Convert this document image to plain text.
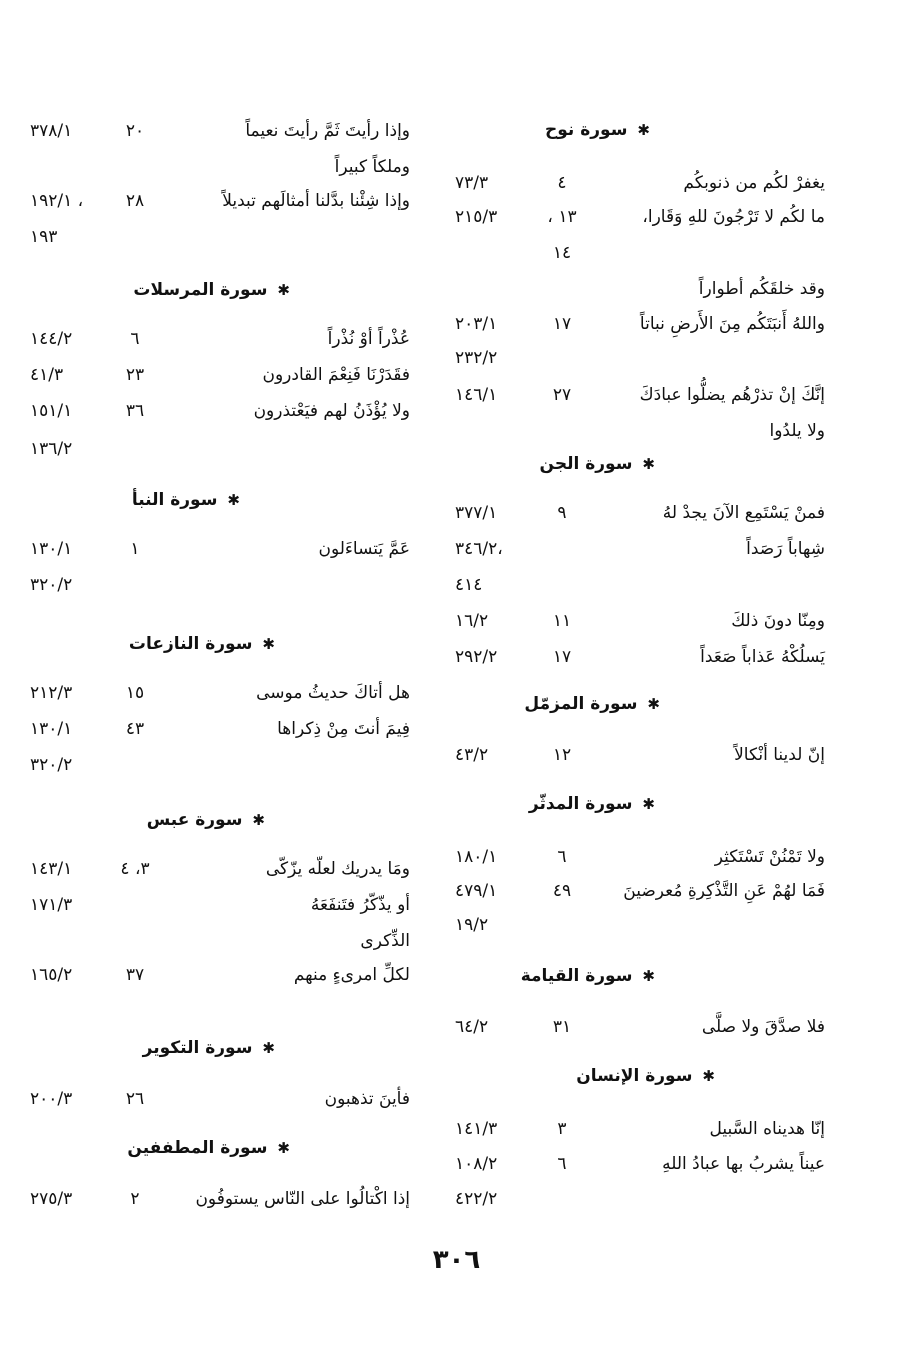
✱سورة نوح
يغفرْ لكُم من ذنوبكُم
٤
٧٣/٣
ما لكُم لا تَرْجُونَ للهِ وَقَارا،
١٣ ،
٢١٥/٣
١٤
وقد خلقَكُم أطواراً
واللهُ أَنبَتَكُم مِنَ الأَرضِ نباتاً
١٧
٢٠٣/١
٢٣٢/٢
إنَّكَ إنْ تذرْهُم يضلُّوا عبادَكَ
٢٧
١٤٦/١
ولا يلدُوا
✱سورة الجن
فمنْ يَسْتَمِع الآنَ يجدْ لهُ
٩
٣٧٧/١
شِهاباً رَصَداً
٣٤٦/٢،
٤١٤
ومِنّا دونَ ذلكَ
١١
١٦/٢
يَسلُكْهُ عَذاباً صَعَداً
١٧
٢٩٢/٢
✱سورة المزمّل
إنّ لدينا أنْكالاً
١٢
٤٣/٢
✱سورة المدثّر
ولا تَمْنُنْ تَسْتَكثِر
٦
١٨٠/١
فَمَا لهُمْ عَنِ التَّذْكِرةِ مُعرضينَ
٤٩
٤٧٩/١
١٩/٢
✱سورة القيامة
فلا صدَّقَ ولا صلَّى
٣١
٦٤/٢
✱سورة الإنسان
إنّا هديناه السَّبيل
٣
١٤١/٣
عيناً يشربُ بها عبادُ اللهِ
٦
١٠٨/٢
٤٢٢/٢
وإذا رأيتَ ثَمَّ رأيتَ نعيماً
٢٠
٣٧٨/١
وملكاً كبيراً
وإذا شِئْنا بدَّلنا أمثالَهم تبديلاً
٢٨
١٩٢/١ ،
١٩٣
✱سورة المرسلات
عُذْراً أوْ نُذْراً
٦
١٤٤/٢
فقَدَرْنَا فَنِعْمَ القادرون
٢٣
٤١/٣
ولا يُؤْذَنُ لهم فيَعْتذرون
٣٦
١٥١/١
١٣٦/٢
✱سورة النبأ
عَمَّ يَتساءَلون
١
١٣٠/١
٣٢٠/٢
✱سورة النازعات
هل أتاكَ حديثُ موسى
١٥
٢١٢/٣
فِيمَ أنتَ مِنْ ذِكراها
٤٣
١٣٠/١
٣٢٠/٢
✱سورة عبس
ومَا يدريك لعلّه يزّكّى
٣، ٤
١٤٣/١
أو يذّكّرُ فتَنفَعَهُ
١٧١/٣
الذِّكرى
لكلِّ امرىءٍ منهم
٣٧
١٦٥/٢
✱سورة التكوير
فأينَ تذهبون
٢٦
٢٠٠/٣
✱سورة المطففين
إذا اكْتالُوا على النّاس يستوفُون
٢
٢٧٥/٣
٣٠٦
